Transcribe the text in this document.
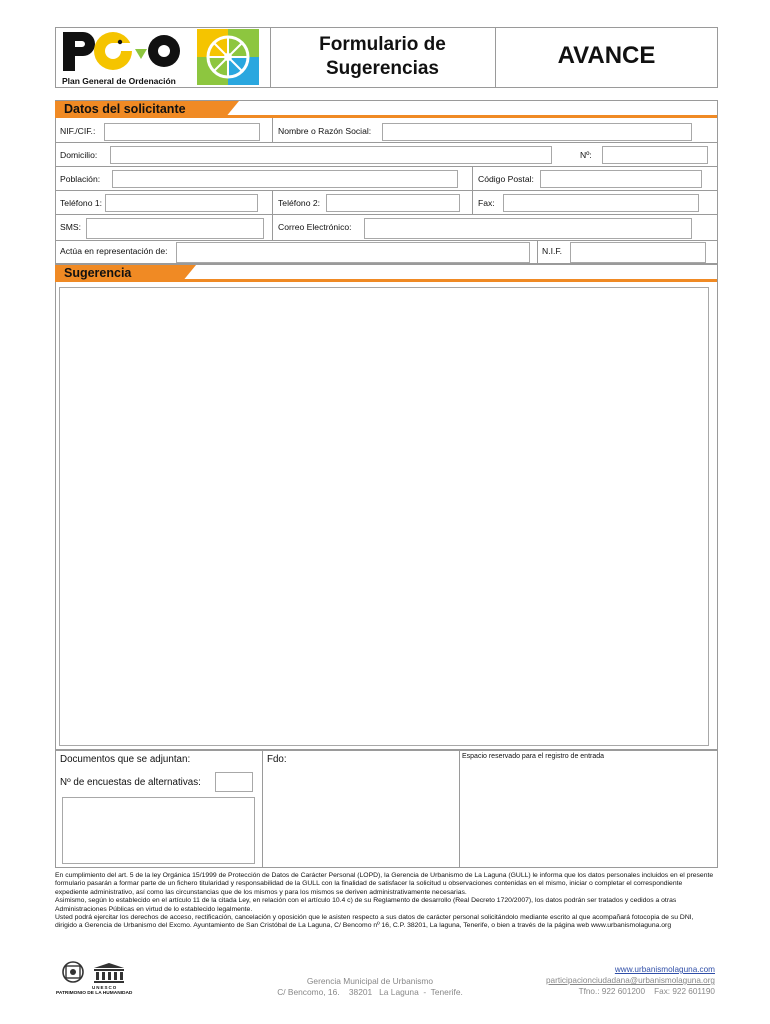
Plan General de Ordenación
Formulario de
Sugerencias	AVANCE
Datos del solicitante
NIF./CIF.:	Nombre o Razón Social:
Domicilio:	Nº:
Población:	Código Postal:
Teléfono 1:	Teléfono 2:	Fax:
SMS:	Correo Electrónico:
Actúa en representación de:	N.I.F.
Sugerencia
Documentos que se adjuntan:
Nº de encuestas de alternativas:
Fdo:	Espacio reservado para el registro de entrada

En cumplimiento del art. 5 de la ley Orgánica 15/1999 de Protección de Datos de Carácter Personal (LOPD), la Gerencia de Urbanismo de La Laguna (GULL) le informa que los datos personales incluidos en el presente formulario pasarán a formar parte de un fichero titularidad y responsabilidad de la GULL con la finalidad de satisfacer la solicitud u observaciones contenidas en el mismo, iniciar o completar el correspondiente expediente administrativo, así como las circunstancias que de los mismos y para los mismos se deriven administrativamente necesarias.

Asimismo, según lo establecido en el artículo 11 de la citada Ley, en relación con el artículo 10.4 c) de su Reglamento de desarrollo (Real Decreto 1720/2007), los datos podrán ser tratados y cedidos a otras Administraciones Públicas en virtud de lo establecido legalmente.

Usted podrá ejercitar los derechos de acceso, rectificación, cancelación y oposición que le asisten respecto a sus datos de carácter personal solicitándolo mediante escrito al que acompañará fotocopia de su DNI, dirigido a Gerencia de Urbanismo del Excmo. Ayuntamiento de San Cristóbal de La Laguna, C/ Bencomo nº 16, C.P. 38201, La laguna, Tenerife, o bien a través de la página web www.urbanismolaguna.org

UNESCO
PATRIMONIO DE LA HUMANIDAD
Gerencia Municipal de Urbanismo
C/ Bencomo, 16.    38201   La Laguna  -  Tenerife.
www.urbanismolaguna.com
participacionciudadana@urbanismolaguna.org
Tfno.: 922 601200    Fax: 922 601190
